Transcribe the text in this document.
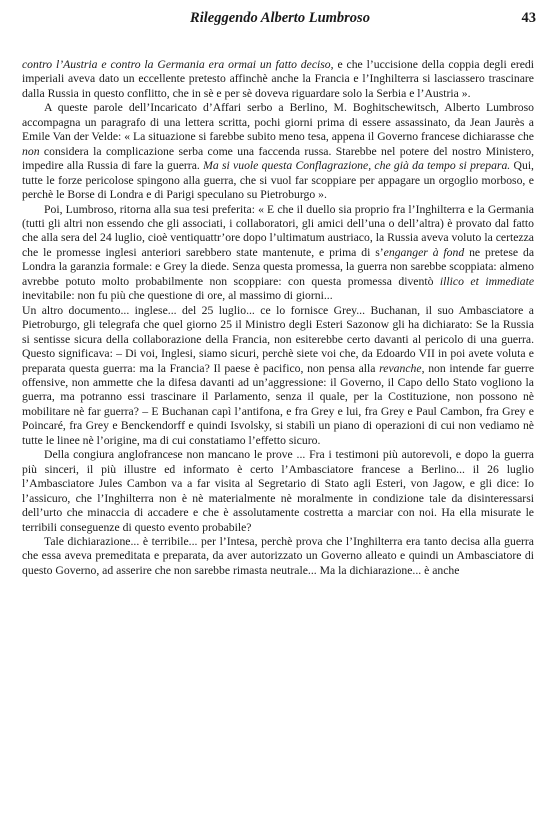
Rileggendo Alberto Lumbroso	43

contro l’Austria e contro la Germania era ormai un fatto deciso, e che l’uccisione della coppia degli eredi imperiali aveva dato un eccellente pretesto affinchè anche la Francia e l’Inghilterra si lasciassero trascinare dalla Russia in questo conflitto, che in sè e per sè doveva riguardare solo la Serbia e l’Austria ».

A queste parole dell’Incaricato d’Affari serbo a Berlino, M. Boghitschewitsch, Alberto Lumbroso accompagna un paragrafo di una lettera scritta, pochi giorni prima di essere assassinato, da Jean Jaurès a Emile Van der Velde: « La situazione si farebbe subito meno tesa, appena il Governo francese dichiarasse che non considera la complicazione serba come una faccenda russa. Starebbe nel potere del nostro Ministero, impedire alla Russia di fare la guerra. Ma si vuole questa Conflagrazione, che già da tempo si prepara. Qui, tutte le forze pericolose spingono alla guerra, che si vuol far scoppiare per appagare un orgoglio morboso, e perchè le Borse di Londra e di Parigi speculano su Pietroburgo ».

Poi, Lumbroso, ritorna alla sua tesi preferita: « E che il duello sia proprio fra l’Inghilterra e la Germania (tutti gli altri non essendo che gli associati, i collaboratori, gli amici dell’una o dell’altra) è provato dal fatto che alla sera del 24 luglio, cioè ventiquattr’ore dopo l’ultimatum austriaco, la Russia aveva voluto la certezza che le promesse inglesi anteriori sarebbero state mantenute, e prima di s’enganger à fond ne pretese da Londra la garanzia formale: e Grey la diede. Senza questa promessa, la guerra non sarebbe scoppiata: almeno avrebbe potuto molto probabilmente non scoppiare: con questa promessa diventò illico et immediate inevitabile: non fu più che questione di ore, al massimo di giorni...

Un altro documento... inglese... del 25 luglio... ce lo fornisce Grey... Buchanan, il suo Ambasciatore a Pietroburgo, gli telegrafa che quel giorno 25 il Ministro degli Esteri Sazonow gli ha dichiarato: Se la Russia si sentisse sicura della collaborazione della Francia, non esiterebbe certo davanti al pericolo di una guerra. Questo significava: – Di voi, Inglesi, siamo sicuri, perchè siete voi che, da Edoardo VII in poi avete voluta e preparata questa guerra: ma la Francia? Il paese è pacifico, non pensa alla revanche, non intende far guerre offensive, non ammette che la difesa davanti ad un’aggressione: il Governo, il Capo dello Stato vogliono la guerra, ma potranno essi trascinare il Parlamento, senza il quale, per la Costituzione, non possono nè mobilitare nè far guerra? – E Buchanan capì l’antifona, e fra Grey e lui, fra Grey e Paul Cambon, fra Grey e Poincaré, fra Grey e Benckendorff e quindi Isvolsky, si stabilì un piano di operazioni di cui non vediamo nè tutte le linee nè l’origine, ma di cui constatiamo l’effetto sicuro.

Della congiura anglofrancese non mancano le prove ... Fra i testimoni più autorevoli, e dopo la guerra più sinceri, il più illustre ed informato è certo l’Ambasciatore francese a Berlino... il 26 luglio l’Ambasciatore Jules Cambon va a far visita al Segretario di Stato agli Esteri, von Jagow, e gli dice: Io l’assicuro, che l’Inghilterra non è nè materialmente nè moralmente in condizione tale da disinteressarsi dell’urto che minaccia di accadere e che è assolutamente costretta a marciar con noi. Ha ella misurate le terribili conseguenze di questo evento probabile?

Tale dichiarazione... è terribile... per l’Intesa, perchè prova che l’Inghilterra era tanto decisa alla guerra che essa aveva premeditata e preparata, da aver autorizzato un Governo alleato e quindi un Ambasciatore di questo Governo, ad asserire che non sarebbe rimasta neutrale... Ma la dichiarazione... è anche
